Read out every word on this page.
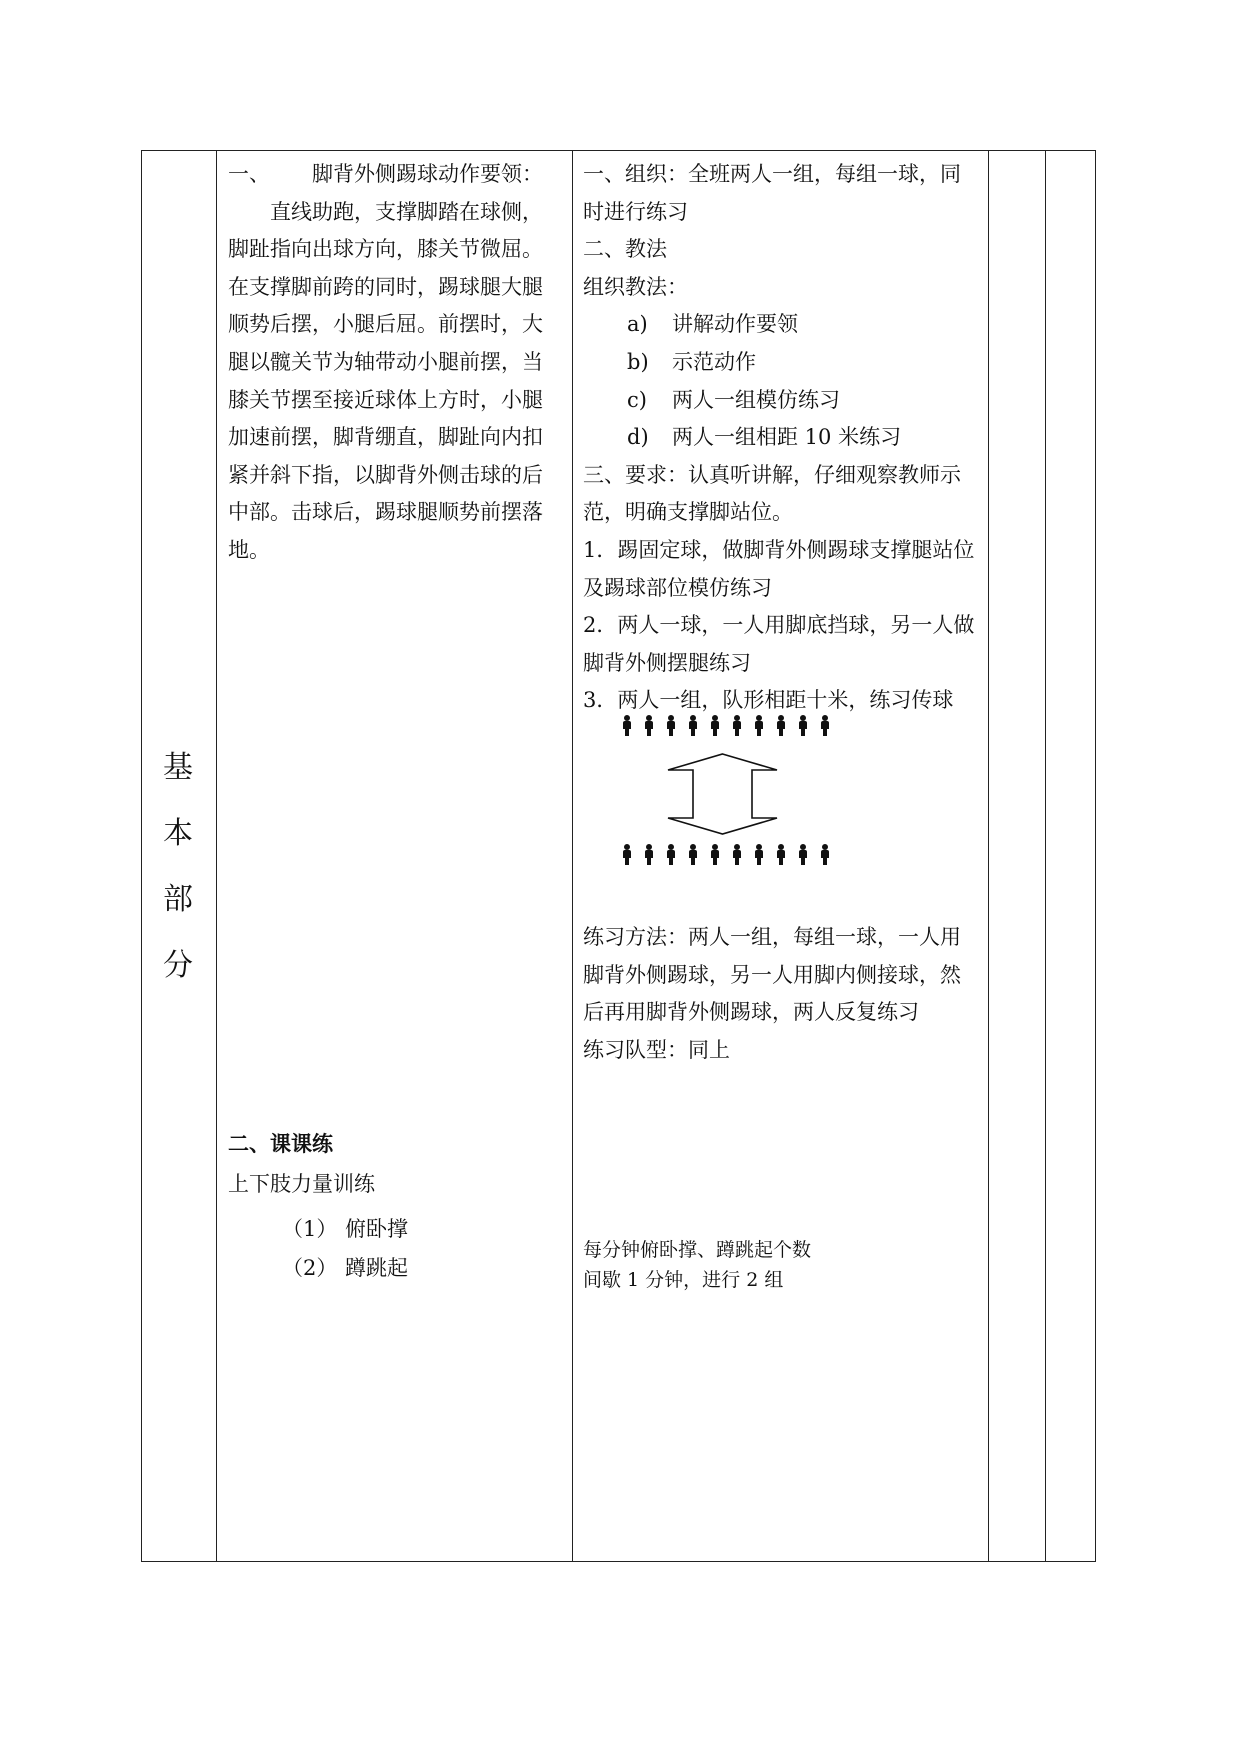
基
本
部
分

一、 脚背外侧踢球动作要领：

直线助跑，支撑脚踏在球侧，脚趾指向出球方向，膝关节微屈。在支撑脚前跨的同时，踢球腿大腿顺势后摆，小腿后屈。前摆时，大腿以髋关节为轴带动小腿前摆，当膝关节摆至接近球体上方时，小腿加速前摆，脚背绷直，脚趾向内扣紧并斜下指，以脚背外侧击球的后中部。击球后，踢球腿顺势前摆落地。

二、课课练
上下肢力量训练
（1） 俯卧撑
（2） 蹲跳起

一、组织：全班两人一组，每组一球，同时进行练习

二、教法

组织教法：

a) 讲解动作要领

b) 示范动作

c) 两人一组模仿练习

d) 两人一组相距 10 米练习

三、要求：认真听讲解，仔细观察教师示范，明确支撑脚站位。

1．踢固定球，做脚背外侧踢球支撑腿站位及踢球部位模仿练习

2．两人一球，一人用脚底挡球，另一人做脚背外侧摆腿练习

3．两人一组，队形相距十米，练习传球

练习方法：两人一组，每组一球，一人用脚背外侧踢球，另一人用脚内侧接球，然后再用脚背外侧踢球，两人反复练习

练习队型：同上

每分钟俯卧撑、蹲跳起个数

间歇 1 分钟，进行 2 组
